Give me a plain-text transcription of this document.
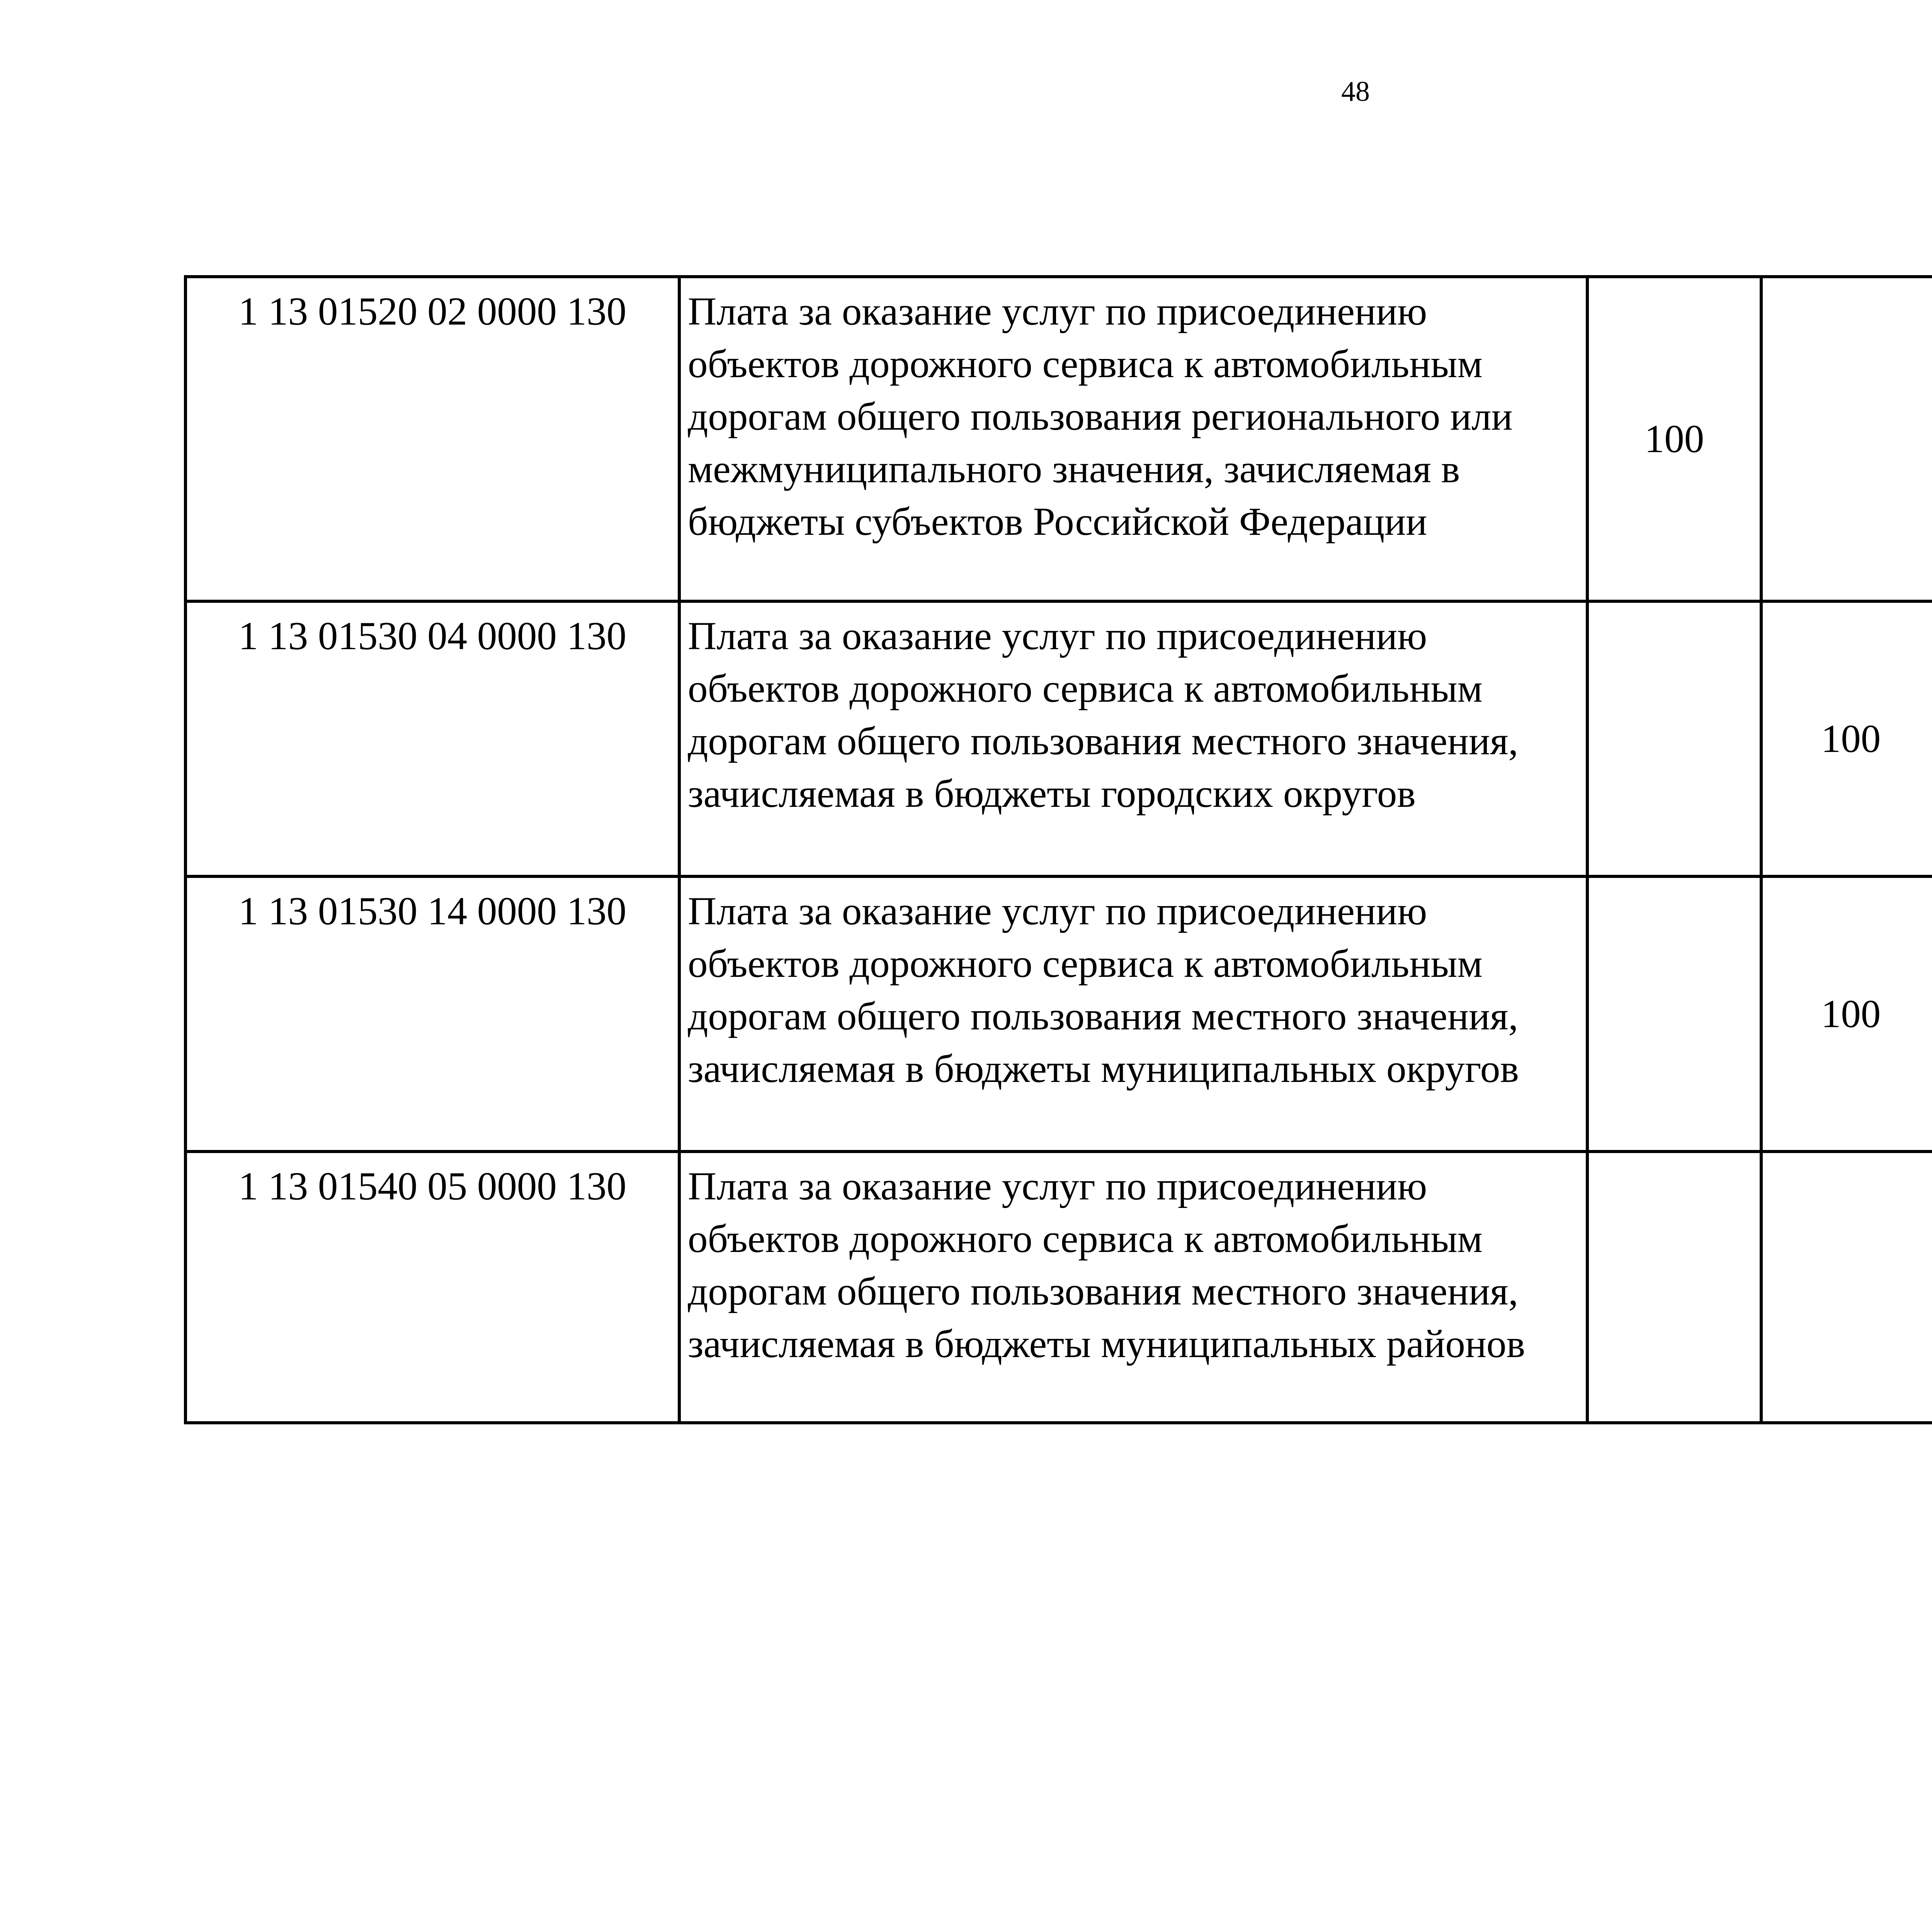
48
1 13 01520 02 0000 130	Плата за оказание услуг по присоединению объектов дорожного сервиса к автомобильным дорогам общего пользования регионального или межмуниципального значения, зачисляемая в бюджеты субъектов Российской Федерации	100				
1 13 01530 04 0000 130	Плата за оказание услуг по присоединению объектов дорожного сервиса к автомобильным дорогам общего пользования местного значения, зачисляемая в бюджеты городских округов		100			
1 13 01530 14 0000 130	Плата за оказание услуг по присоединению объектов дорожного сервиса к автомобильным дорогам общего пользования местного значения, зачисляемая в бюджеты муниципальных округов		100			
1 13 01540 05 0000 130	Плата за оказание услуг по присоединению объектов дорожного сервиса к автомобильным дорогам общего пользования местного значения, зачисляемая в бюджеты муниципальных районов					
